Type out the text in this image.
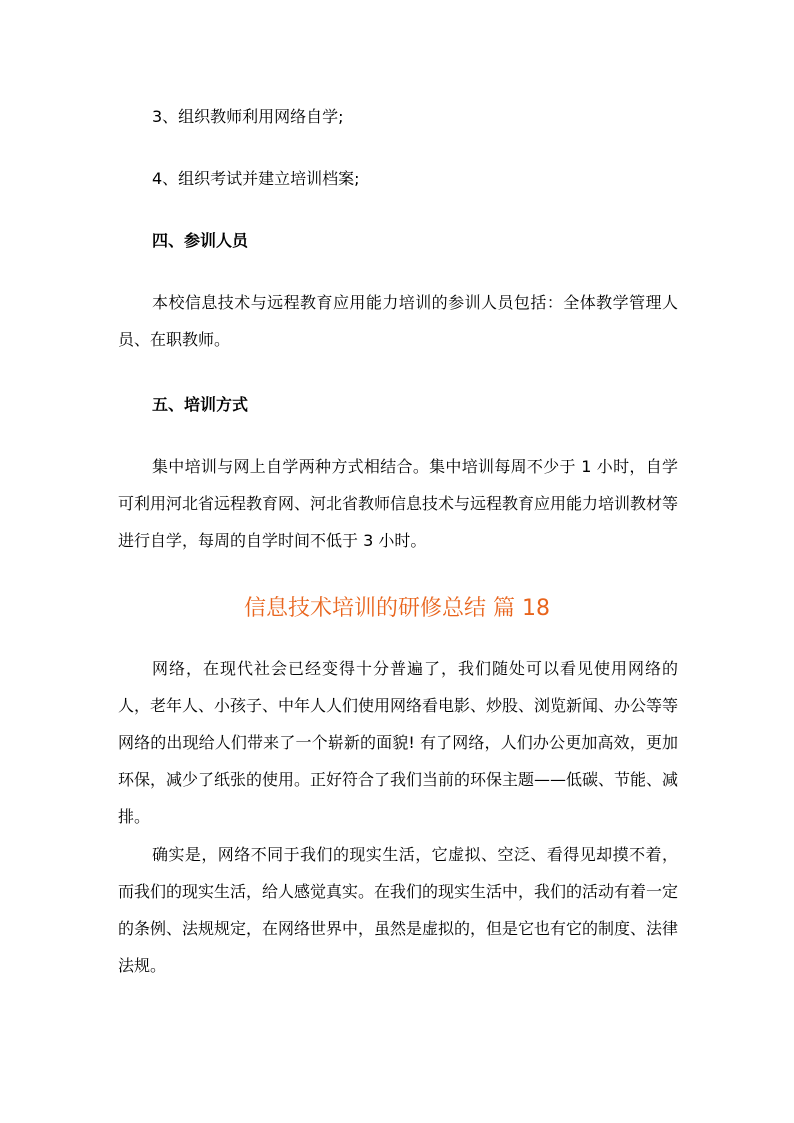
3、组织教师利用网络自学;

4、组织考试并建立培训档案;

四、参训人员

本校信息技术与远程教育应用能力培训的参训人员包括：全体教学管理人员、在职教师。

五、培训方式

集中培训与网上自学两种方式相结合。集中培训每周不少于 1 小时，自学可利用河北省远程教育网、河北省教师信息技术与远程教育应用能力培训教材等进行自学，每周的自学时间不低于 3 小时。

信息技术培训的研修总结 篇 18

网络，在现代社会已经变得十分普遍了，我们随处可以看见使用网络的人，老年人、小孩子、中年人人们使用网络看电影、炒股、浏览新闻、办公等等网络的出现给人们带来了一个崭新的面貌! 有了网络，人们办公更加高效，更加环保，减少了纸张的使用。正好符合了我们当前的环保主题——低碳、节能、减排。

确实是，网络不同于我们的现实生活，它虚拟、空泛、看得见却摸不着，而我们的现实生活，给人感觉真实。在我们的现实生活中，我们的活动有着一定的条例、法规规定，在网络世界中，虽然是虚拟的，但是它也有它的制度、法律法规。
